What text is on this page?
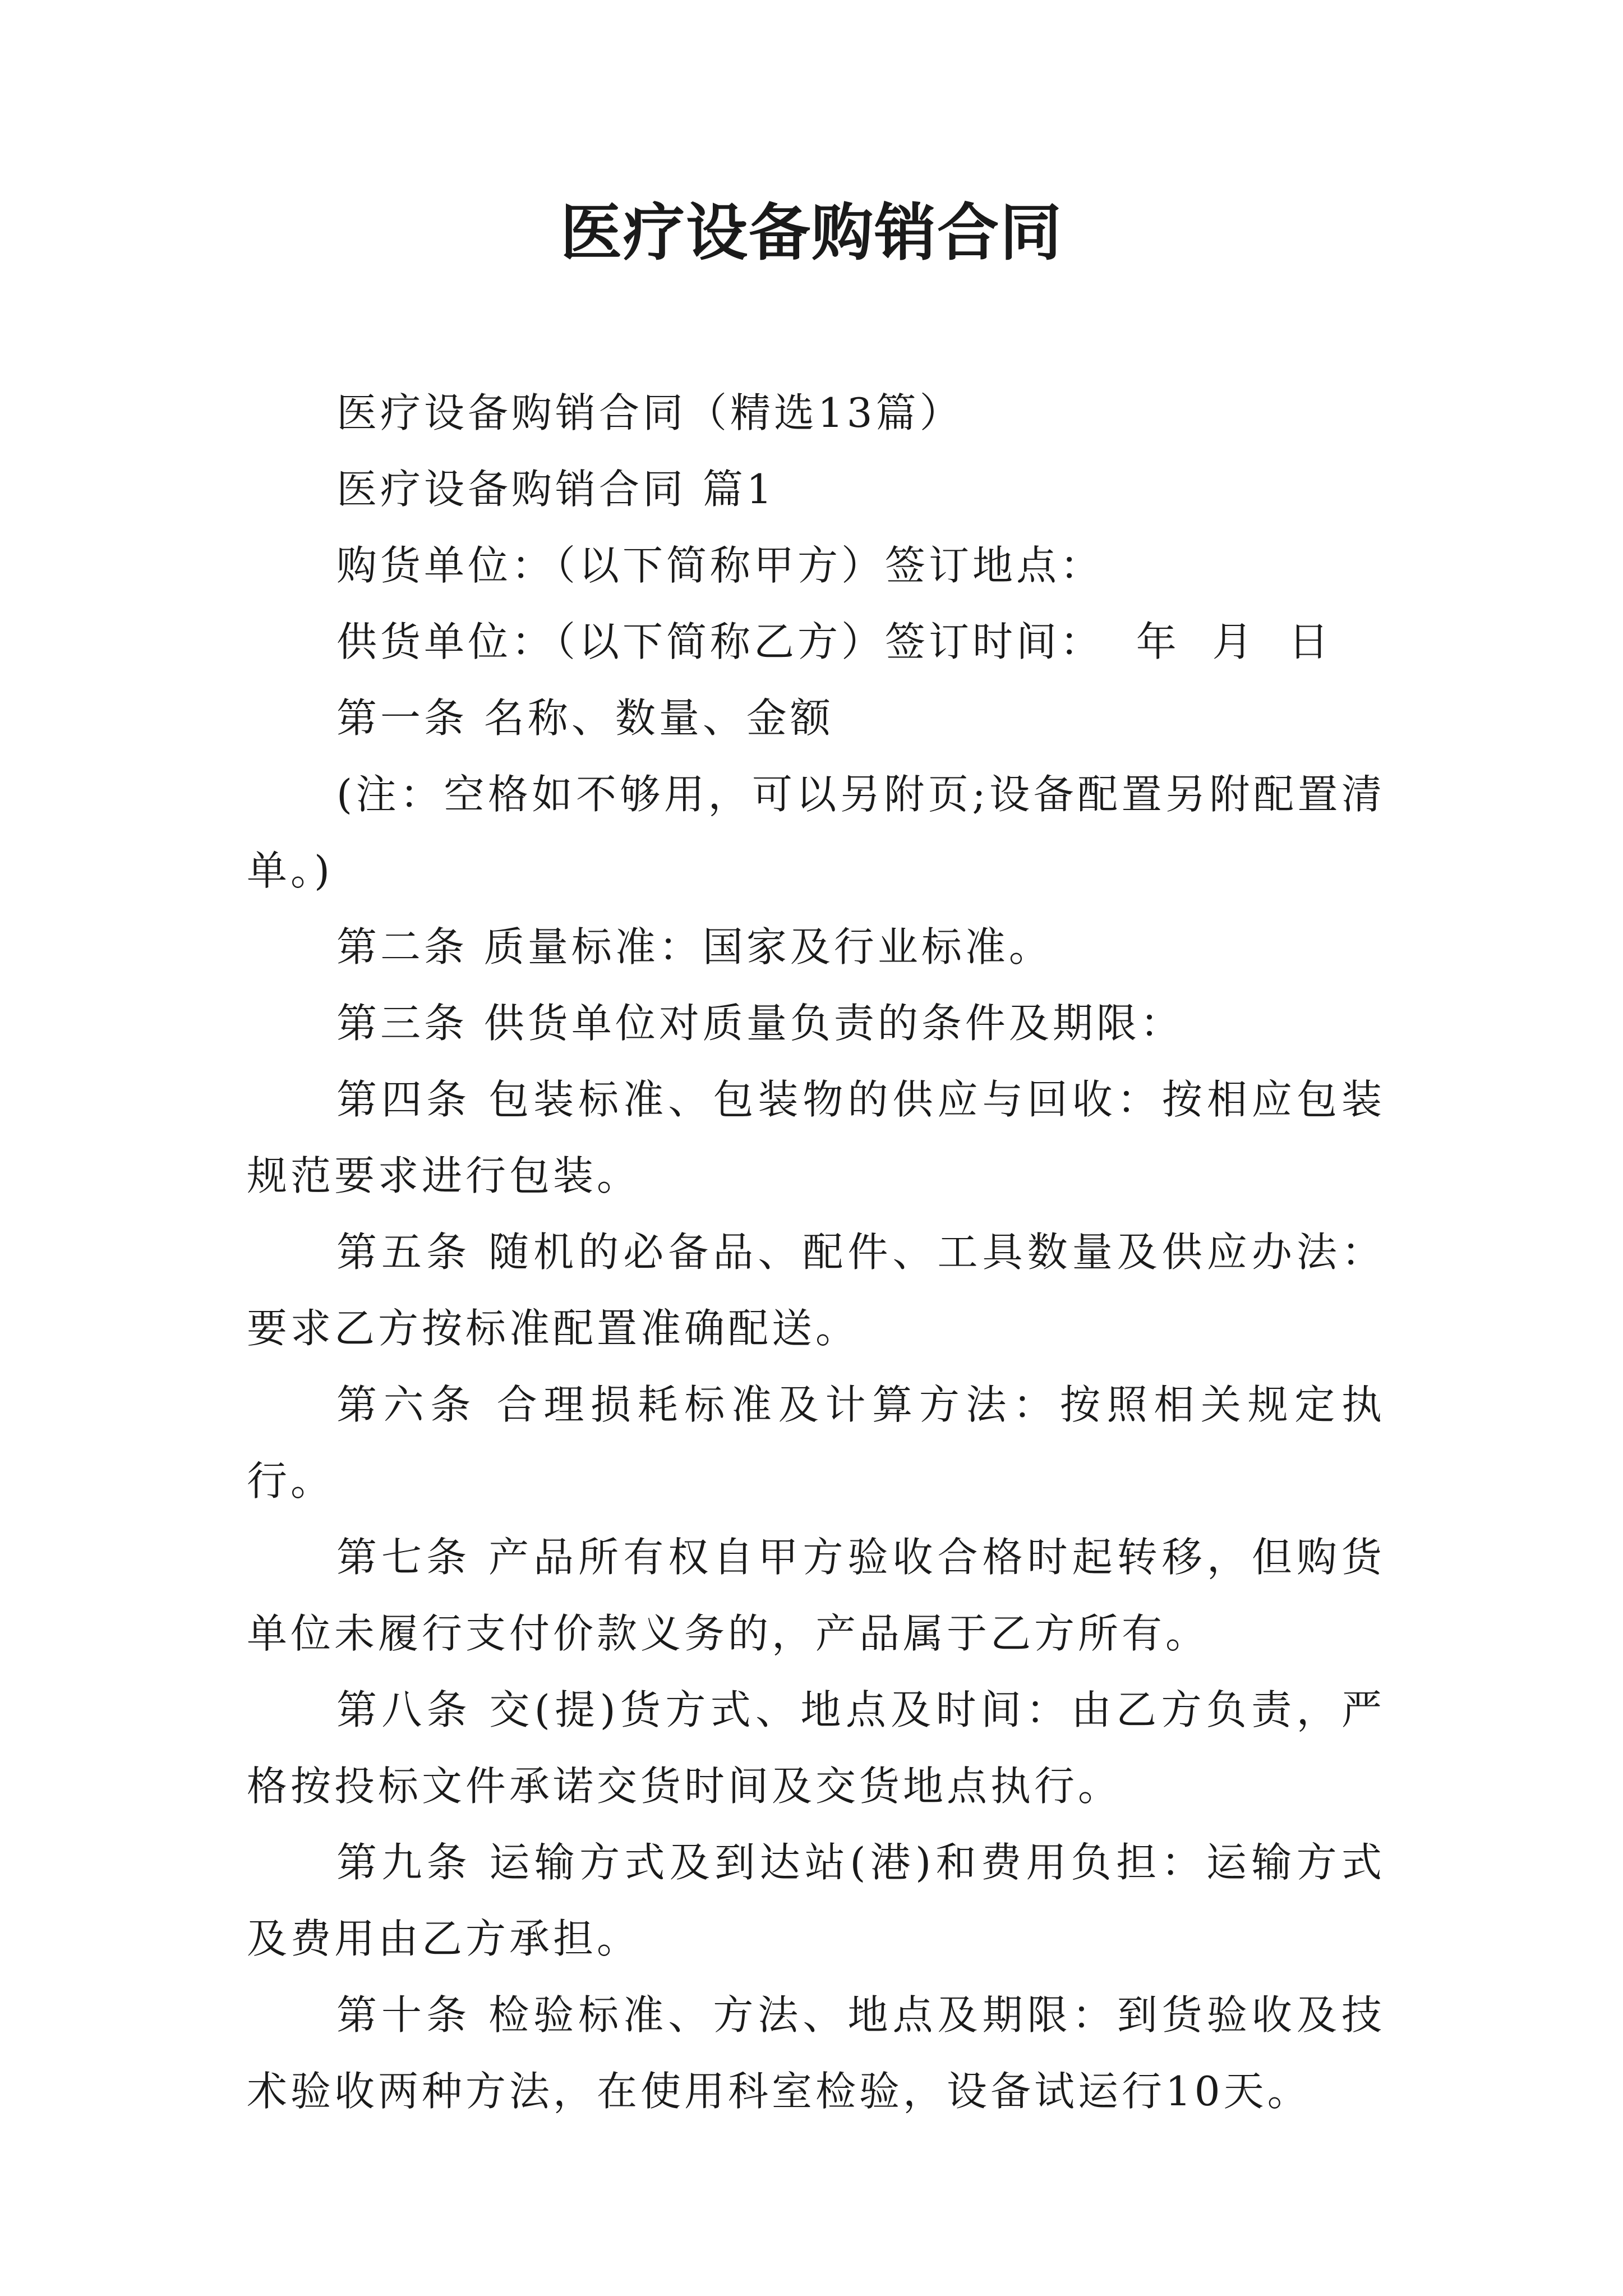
医疗设备购销合同

医疗设备购销合同（精选13篇）

医疗设备购销合同 篇1

购货单位：（以下简称甲方）签订地点：

供货单位：（以下简称乙方）签订时间：  年  月  日

第一条 名称、数量、金额

(注：空格如不够用，可以另附页;设备配置另附配置清单。)

第二条 质量标准：国家及行业标准。

第三条 供货单位对质量负责的条件及期限：

第四条 包装标准、包装物的供应与回收：按相应包装规范要求进行包装。

第五条 随机的必备品、配件、工具数量及供应办法：要求乙方按标准配置准确配送。

第六条 合理损耗标准及计算方法：按照相关规定执行。

第七条 产品所有权自甲方验收合格时起转移，但购货单位未履行支付价款义务的，产品属于乙方所有。

第八条 交(提)货方式、地点及时间：由乙方负责，严格按投标文件承诺交货时间及交货地点执行。

第九条 运输方式及到达站(港)和费用负担：运输方式及费用由乙方承担。

第十条 检验标准、方法、地点及期限：到货验收及技术验收两种方法，在使用科室检验，设备试运行10天。
